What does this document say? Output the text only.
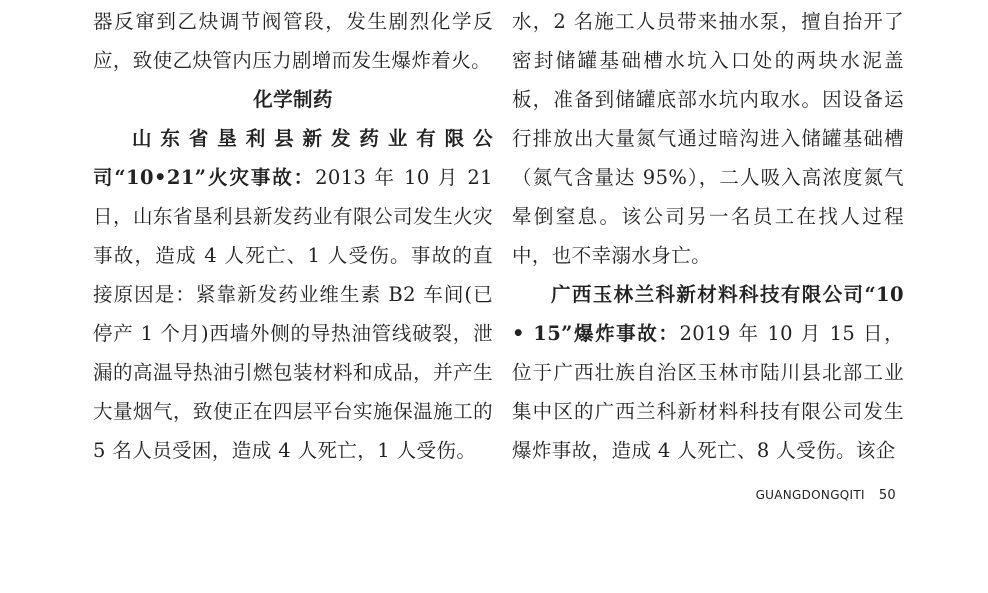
器反窜到乙炔调节阀管段，发生剧烈化学反应，致使乙炔管内压力剧增而发生爆炸着火。

化学制药

山东省垦利县新发药业有限公司“10•21”火灾事故：2013 年 10 月 21 日，山东省垦利县新发药业有限公司发生火灾事故，造成 4 人死亡、1 人受伤。事故的直接原因是：紧靠新发药业维生素 B2 车间(已停产 1 个月)西墙外侧的导热油管线破裂，泄漏的高温导热油引燃包装材料和成品，并产生大量烟气，致使正在四层平台实施保温施工的 5 名人员受困，造成 4 人死亡，1 人受伤。

水，2 名施工人员带来抽水泵，擅自抬开了密封储罐基础槽水坑入口处的两块水泥盖板，准备到储罐底部水坑内取水。因设备运行排放出大量氮气通过暗沟进入储罐基础槽（氮气含量达 95%），二人吸入高浓度氮气晕倒窒息。该公司另一名员工在找人过程中，也不幸溺水身亡。

广西玉林兰科新材料科技有限公司“10 • 15”爆炸事故：2019 年 10 月 15 日，位于广西壮族自治区玉林市陆川县北部工业集中区的广西兰科新材料科技有限公司发生爆炸事故，造成 4 人死亡、8 人受伤。该企

GUANGDONGQITI 50
